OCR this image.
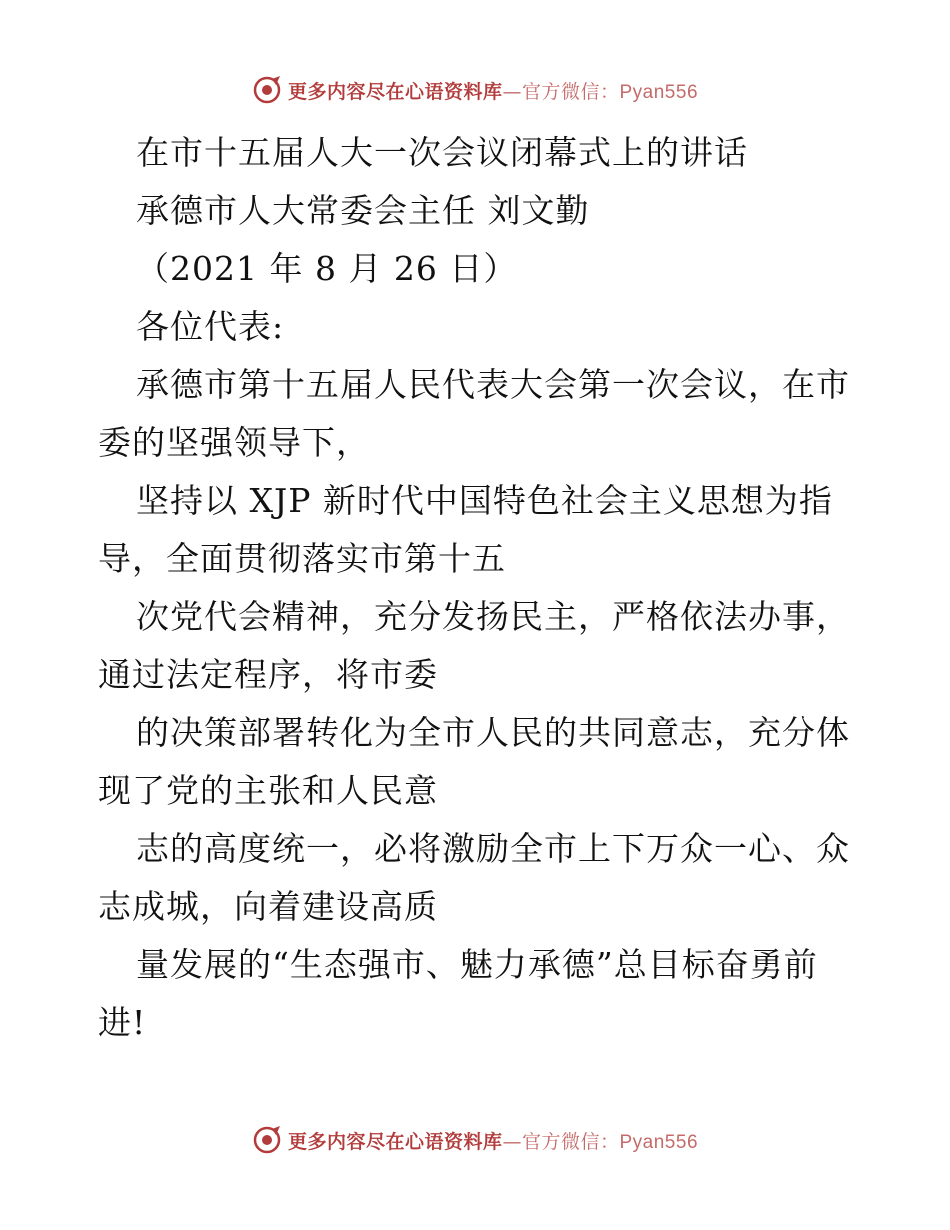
更多内容尽在心语资料库—官方微信：Pyan556
在市十五届人大一次会议闭幕式上的讲话
承德市人大常委会主任 刘文勤
（2021 年 8 月 26 日）
各位代表:
承德市第十五届人民代表大会第一次会议，在市
委的坚强领导下，
坚持以 XJP 新时代中国特色社会主义思想为指
导，全面贯彻落实市第十五
次党代会精神，充分发扬民主，严格依法办事，
通过法定程序，将市委
的决策部署转化为全市人民的共同意志，充分体
现了党的主张和人民意
志的高度统一，必将激励全市上下万众一心、众
志成城，向着建设高质
量发展的“生态强市、魅力承德”总目标奋勇前
进!
更多内容尽在心语资料库—官方微信：Pyan556
